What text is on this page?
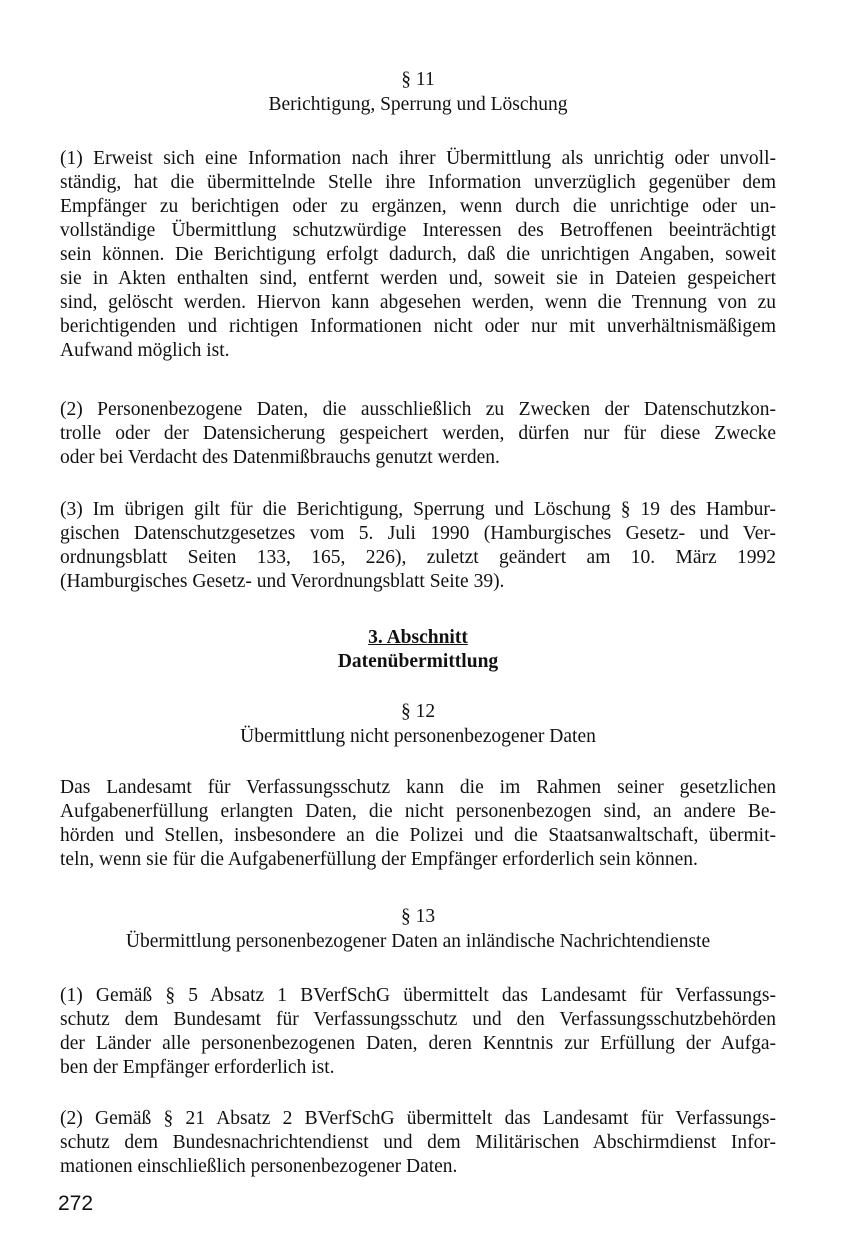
§ 11
Berichtigung, Sperrung und Löschung
(1) Erweist sich eine Information nach ihrer Übermittlung als unrichtig oder unvoll-
ständig, hat die übermittelnde Stelle ihre Information unverzüglich gegenüber dem
Empfänger zu berichtigen oder zu ergänzen, wenn durch die unrichtige oder un-
vollständige Übermittlung schutzwürdige Interessen des Betroffenen beeinträchtigt
sein können. Die Berichtigung erfolgt dadurch, daß die unrichtigen Angaben, soweit
sie in Akten enthalten sind, entfernt werden und, soweit sie in Dateien gespeichert
sind, gelöscht werden. Hiervon kann abgesehen werden, wenn die Trennung von zu
berichtigenden und richtigen Informationen nicht oder nur mit unverhältnismäßigem
Aufwand möglich ist.
(2) Personenbezogene Daten, die ausschließlich zu Zwecken der Datenschutzkon-
trolle oder der Datensicherung gespeichert werden, dürfen nur für diese Zwecke
oder bei Verdacht des Datenmißbrauchs genutzt werden.
(3) Im übrigen gilt für die Berichtigung, Sperrung und Löschung § 19 des Hambur-
gischen Datenschutzgesetzes vom 5. Juli 1990 (Hamburgisches Gesetz- und Ver-
ordnungsblatt Seiten 133, 165, 226), zuletzt geändert am 10. März 1992
(Hamburgisches Gesetz- und Verordnungsblatt Seite 39).
3. Abschnitt
Datenübermittlung
§ 12
Übermittlung nicht personenbezogener Daten
Das Landesamt für Verfassungsschutz kann die im Rahmen seiner gesetzlichen
Aufgabenerfüllung erlangten Daten, die nicht personenbezogen sind, an andere Be-
hörden und Stellen, insbesondere an die Polizei und die Staatsanwaltschaft, übermit-
teln, wenn sie für die Aufgabenerfüllung der Empfänger erforderlich sein können.
§ 13
Übermittlung personenbezogener Daten an inländische Nachrichtendienste
(1) Gemäß § 5 Absatz 1 BVerfSchG übermittelt das Landesamt für Verfassungs-
schutz dem Bundesamt für Verfassungsschutz und den Verfassungsschutzbehörden
der Länder alle personenbezogenen Daten, deren Kenntnis zur Erfüllung der Aufga-
ben der Empfänger erforderlich ist.
(2) Gemäß § 21 Absatz 2 BVerfSchG übermittelt das Landesamt für Verfassungs-
schutz dem Bundesnachrichtendienst und dem Militärischen Abschirmdienst Infor-
mationen einschließlich personenbezogener Daten.
272
